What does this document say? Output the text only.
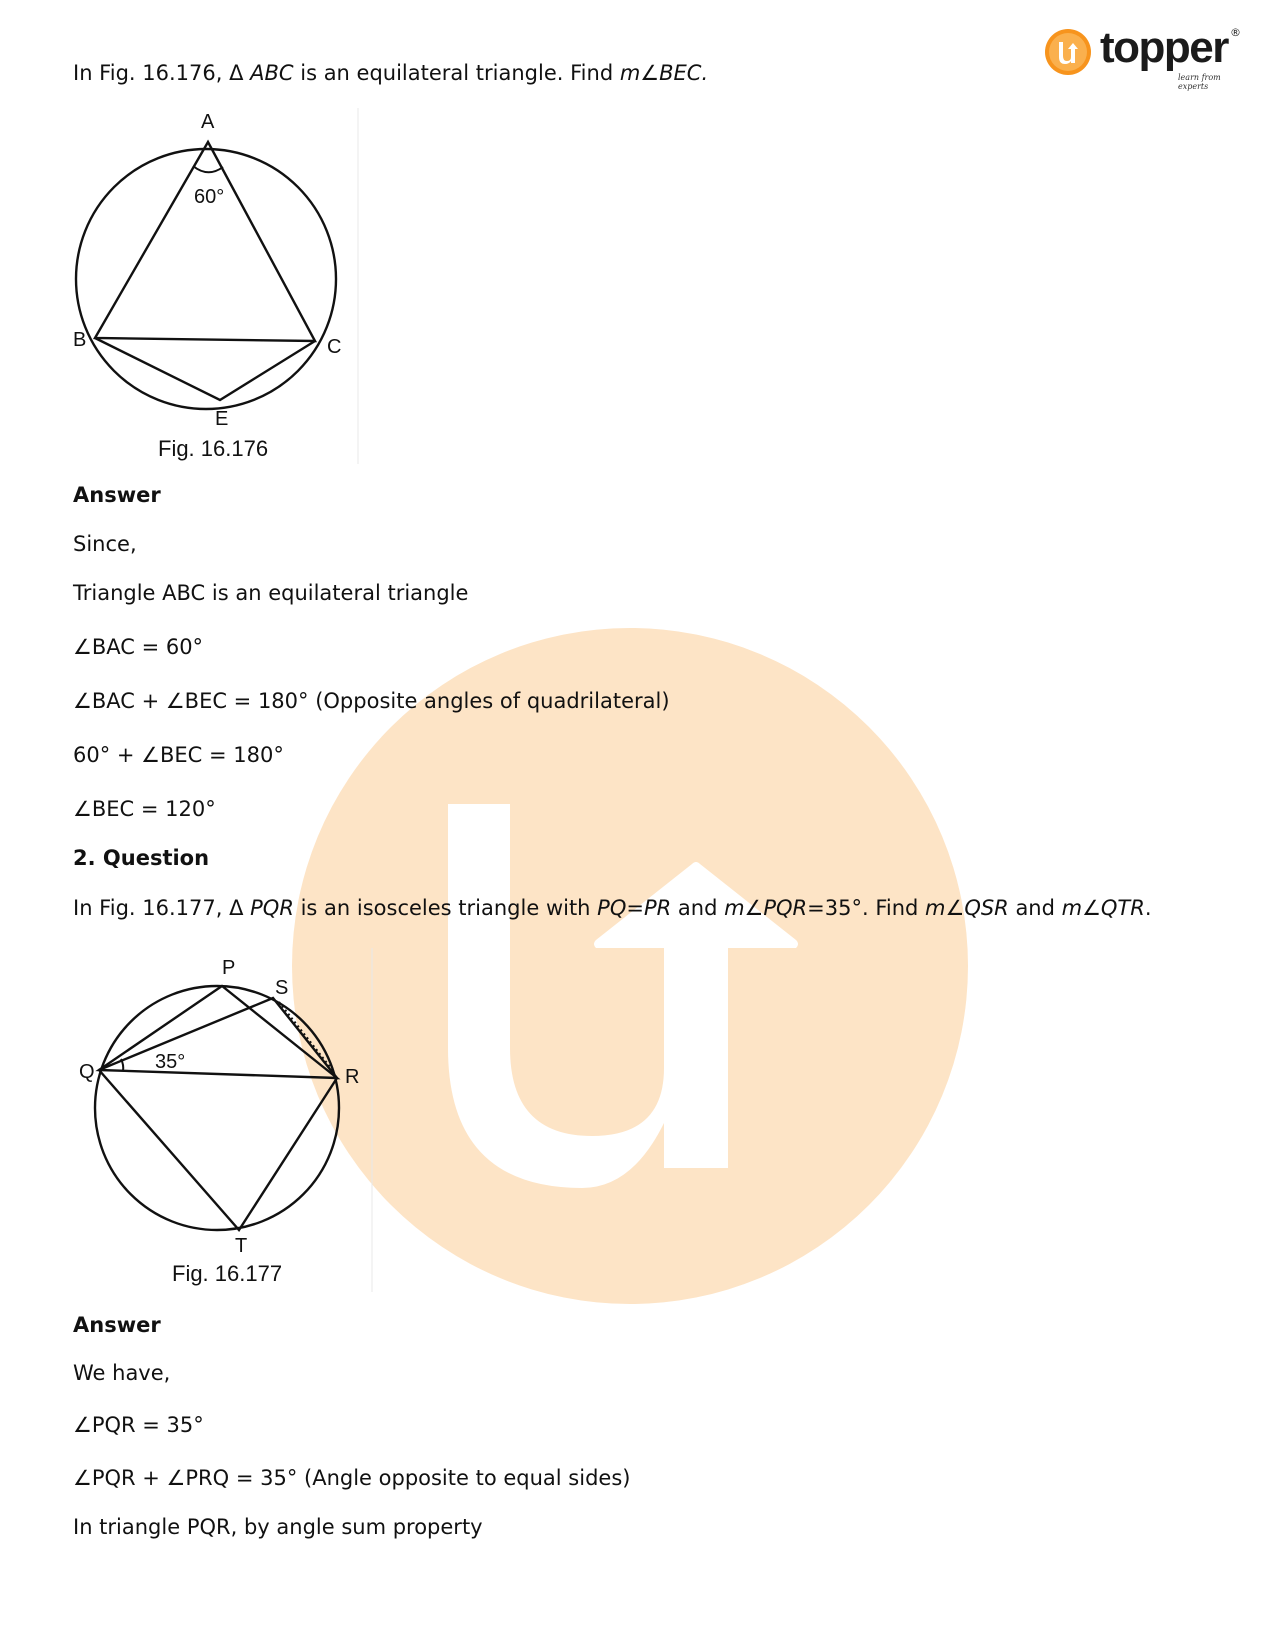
topper
learn from experts
®
In Fig. 16.176, Δ ABC is an equilateral triangle. Find m∠BEC.
A
B	C
E
60°
Fig. 16.176
Answer
Since,
Triangle ABC is an equilateral triangle
∠BAC = 60°
∠BAC + ∠BEC = 180° (Opposite angles of quadrilateral)
60° + ∠BEC = 180°
∠BEC = 120°
2. Question
In Fig. 16.177, Δ PQR is an isosceles triangle with PQ=PR and m∠PQR=35°. Find m∠QSR and m∠QTR.
P
S
Q	R
T
35°
Fig. 16.177
Answer
We have,
∠PQR = 35°
∠PQR + ∠PRQ = 35° (Angle opposite to equal sides)
In triangle PQR, by angle sum property
